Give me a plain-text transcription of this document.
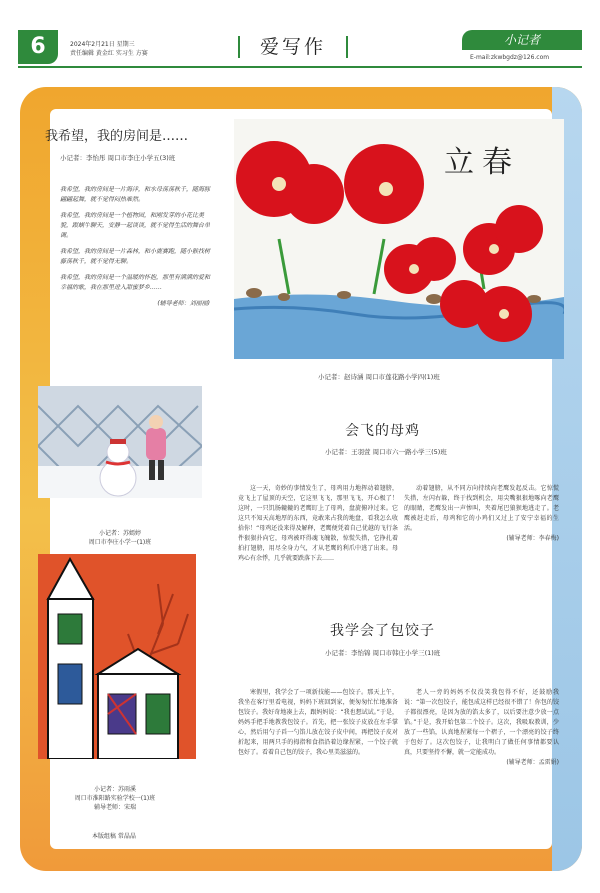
6	2024年2月21日 星期三
责任编辑 黄金红 实习生 方赛	爱写作	小记者
E-mail:zkwbgdz@126.com
我希望，我的房间是……
小记者：李怡彤 周口市李庄小学五(3)班

我希望，我的房间是一片海洋，和水母荡荡秋千，随海豚翩翩起舞，就不觉得闷热难熬。

我希望，我的房间是一个植物园，和刚发芽的小花比美貌，跟蜗牛聊天，安静一起谈谈，就不觉得生活的舞台单调。

我希望，我的房间是一片森林，和小鹿赛跑，随小猴找树藤荡秋千，就不觉得无聊。

我希望，我的房间是一个温暖的怀抱，那里有满满的爱和幸福的歌，我在那里进入甜蜜梦乡……

(辅导老师：刘丽丽)
小记者：苏嫣婷
周口市李庄小学一(1)班
小记者：苏雨溪
周口市淮阳路实验学校一(1)班
辅导老师：宋瑞
本版组稿 常晶晶
立春
小记者：赵诗涵 周口市莲花路小学四(1)班
会飞的母鸡
小记者：王羽萱 周口市六一路小学三(5)班

这一天，奇妙的事情发生了，母鸡用力地挥动着翅膀，竟飞上了屋顶的天空，它这里飞飞，那里飞飞，开心极了！这时，一只饥肠辘辘的老鹰盯上了母鸡，盘旋俯冲过来。它这只不知天高地厚的东西，竟敢来占我的地盘，看我怎么收拾你！“母鸡还没来得及解释，老鹰便凭着自己优越的飞行条件狠狠扑向它，母鸡被吓得魂飞魄散，惊慌失措，它挣扎着拍打翅膀，用尽全身力气，才从老鹰的利爪中逃了出来。母鸡心有余悸，几乎就要跌落下去……

动着翅膀，从不同方向持续向老鹰发起反击。它惊慌失措，左闪右躲，终于找到机会，用尖嘴狠狠地啄向老鹰的眼睛，老鹰发出一声惨叫，夹着尾巴狼狈地逃走了。老鹰被赶走后，母鸡和它的小鸡们又过上了安宁幸福的生活。

(辅导老师：李春梅)
我学会了包饺子
小记者：李怡锦 周口市韩庄小学三(1)班

寒假里，我学会了一项新技能——包饺子。那天上午，我坐在客厅里看电视，妈妈下班回到家，便匆匆忙忙地准备包饺子。我好奇地凑上去，跟妈妈说：“我也想试试。”于是，妈妈手把手地教我包饺子。首先，把一张饺子皮放在左手掌心，然后用勺子舀一勺馅儿放在饺子皮中间，再把饺子皮对折起来，用两只手的拇指和食指沿着边缘捏紧，一个饺子就包好了。看着自己包的饺子，我心里美滋滋的。

老人一旁的妈妈不仅没笑我包得不好，还鼓励我说：“第一次包饺子，能包成这样已经很不错了！你包的饺子都很漂亮，是因为放的馅太多了，以后要注意少放一点馅。”于是，我开始包第二个饺子。这次，我吸取教训，少放了一些馅，认真地捏紧每一个褶子，一个漂亮的饺子终于包好了。这次包饺子，让我明白了做任何事情都要认真，只要坚持不懈，就一定能成功。

(辅导老师：孟雷娟)
